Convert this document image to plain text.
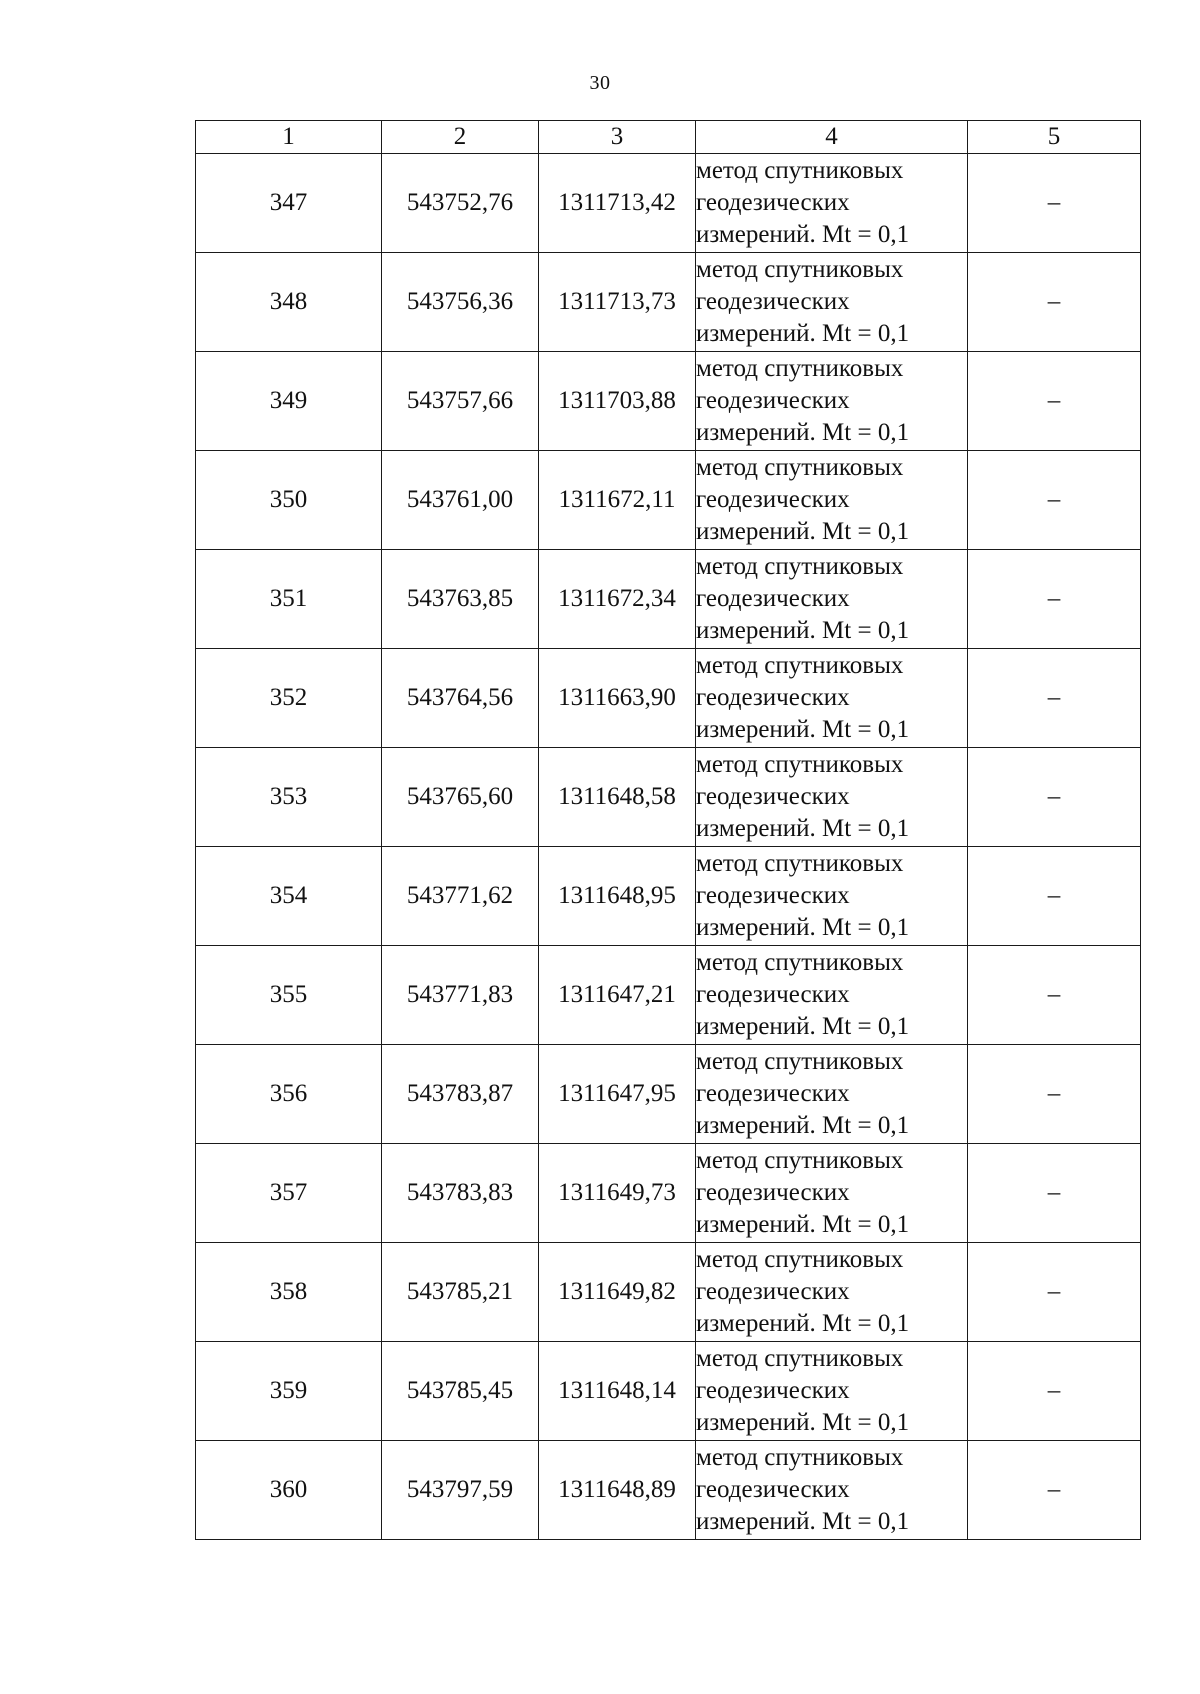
30
1	2	3	4	5
347	543752,76	1311713,42	метод спутниковых
геодезических
измерений. Mt = 0,1	–
348	543756,36	1311713,73	метод спутниковых
геодезических
измерений. Mt = 0,1	–
349	543757,66	1311703,88	метод спутниковых
геодезических
измерений. Mt = 0,1	–
350	543761,00	1311672,11	метод спутниковых
геодезических
измерений. Mt = 0,1	–
351	543763,85	1311672,34	метод спутниковых
геодезических
измерений. Mt = 0,1	–
352	543764,56	1311663,90	метод спутниковых
геодезических
измерений. Mt = 0,1	–
353	543765,60	1311648,58	метод спутниковых
геодезических
измерений. Mt = 0,1	–
354	543771,62	1311648,95	метод спутниковых
геодезических
измерений. Mt = 0,1	–
355	543771,83	1311647,21	метод спутниковых
геодезических
измерений. Mt = 0,1	–
356	543783,87	1311647,95	метод спутниковых
геодезических
измерений. Mt = 0,1	–
357	543783,83	1311649,73	метод спутниковых
геодезических
измерений. Mt = 0,1	–
358	543785,21	1311649,82	метод спутниковых
геодезических
измерений. Mt = 0,1	–
359	543785,45	1311648,14	метод спутниковых
геодезических
измерений. Mt = 0,1	–
360	543797,59	1311648,89	метод спутниковых
геодезических
измерений. Mt = 0,1	–
